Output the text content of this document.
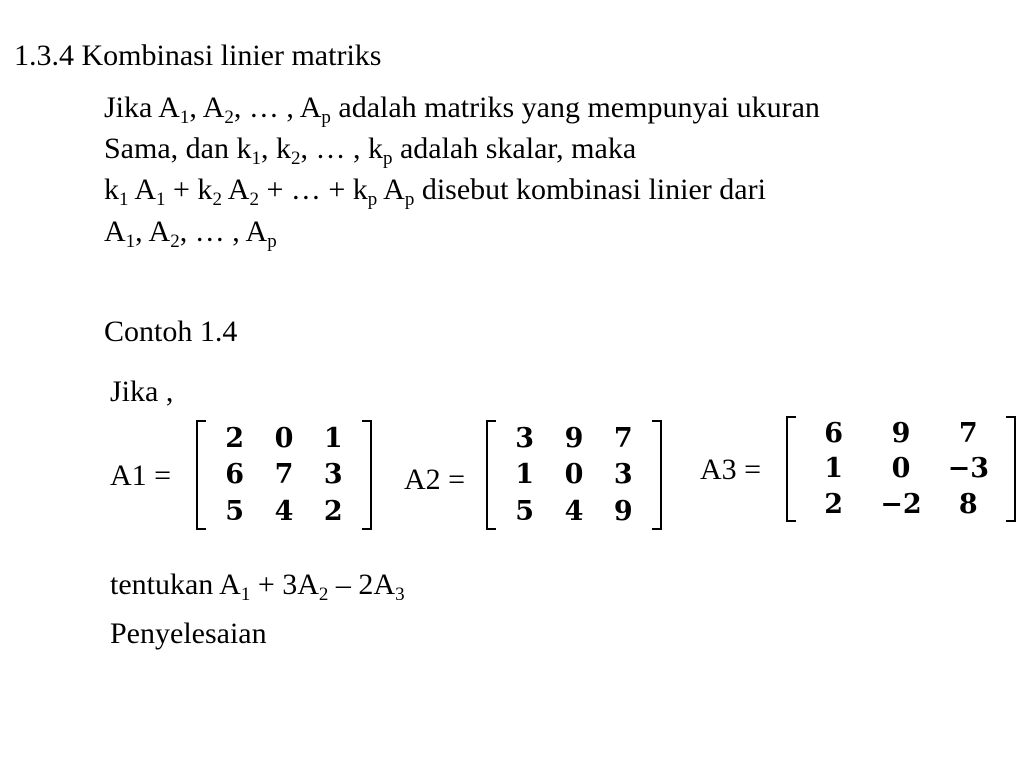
1.3.4 Kombinasi linier matriks
Jika $A_1$, $A_2$, … , $A_p$ adalah matriks yang mempunyai ukuran
Sama, dan $k_1$, $k_2$, … , $k_p$ adalah skalar, maka
$k_1$ $A_1 + k_2$ $A_2$ + … + $k_p$ $A_p$ disebut kombinasi linier dari
$A_1$, $A_2$, … , $A_p$
Contoh 1.4
Jika ,
A1 =
2	0	1
6	7	3
5	4	2
A2 =
3	9	7
1	0	3
5	4	9
A3 =
6	9	7
1	0	−3
2	−2	8
tentukan $A_1 + 3A_2 - 2A_3$
Penyelesaian
